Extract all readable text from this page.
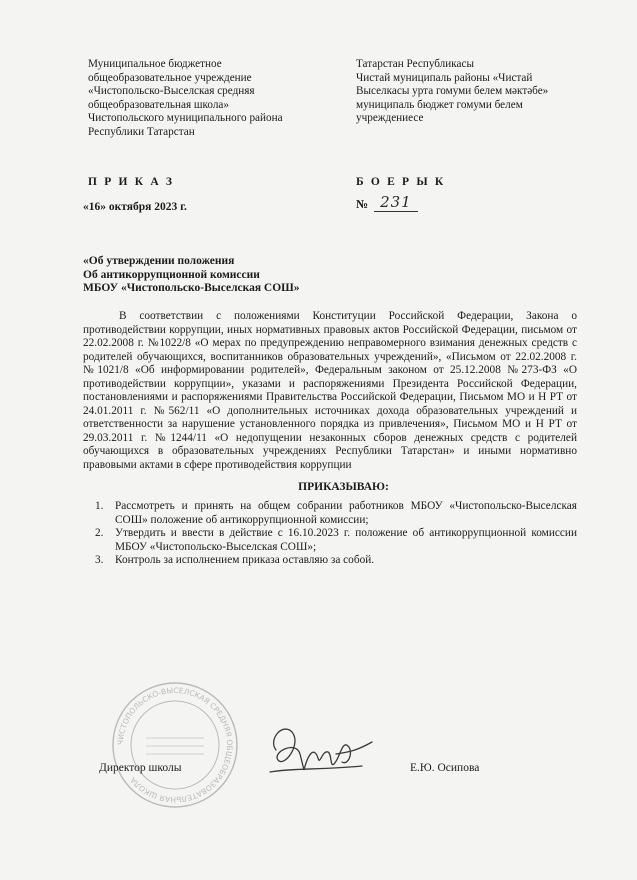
Муниципальное бюджетное
общеобразовательное учреждение
«Чистопольско-Выселская средняя
общеобразовательная школа»
Чистопольского муниципального района
Республики Татарстан
Татарстан Республикасы
Чистай муниципаль районы «Чистай
Выселкасы урта гомуми белем мәктәбе»
муниципаль бюджет гомуми белем
учреждениесе
П Р И К А З	Б О Е Р Ы К
«16» октября 2023 г.	№ 231
«Об утверждении положения
Об антикоррупционной комиссии
МБОУ «Чистопольско-Выселская СОШ»
В соответствии с положениями Конституции Российской Федерации, Закона о противодействии коррупции, иных нормативных правовых актов Российской Федерации, письмом от 22.02.2008 г. №1022/8 «О мерах по предупреждению неправомерного взимания денежных средств с родителей обучающихся, воспитанников образовательных учреждений», «Письмом от 22.02.2008 г. №1021/8 «Об информировании родителей», Федеральным законом от 25.12.2008 №273-ФЗ «О противодействии коррупции», указами и распоряжениями Президента Российской Федерации, постановлениями и распоряжениями Правительства Российской Федерации, Письмом МО и Н РТ от 24.01.2011 г. №562/11 «О дополнительных источниках дохода образовательных учреждений и ответственности за нарушение установленного порядка из привлечения», Письмом МО и Н РТ от 29.03.2011 г. №1244/11 «О недопущении незаконных сборов денежных средств с родителей обучающихся в образовательных учреждениях Республики Татарстан» и иными нормативно правовыми актами в сфере противодействия коррупции
ПРИКАЗЫВАЮ:
1. Рассмотреть и принять на общем собрании работников МБОУ «Чистопольско-Выселская СОШ» положение об антикоррупционной комиссии;
2. Утвердить и ввести в действие с 16.10.2023 г. положение об антикоррупционной комиссии МБОУ «Чистопольско-Выселская СОШ»;
3. Контроль за исполнением приказа оставляю за собой.
ЧИСТОПОЛЬСКО-ВЫСЕЛСКАЯ СРЕДНЯЯ ОБЩЕОБРАЗОВАТЕЛЬНАЯ ШКОЛА
Директор школы	Е.Ю. Осипова
